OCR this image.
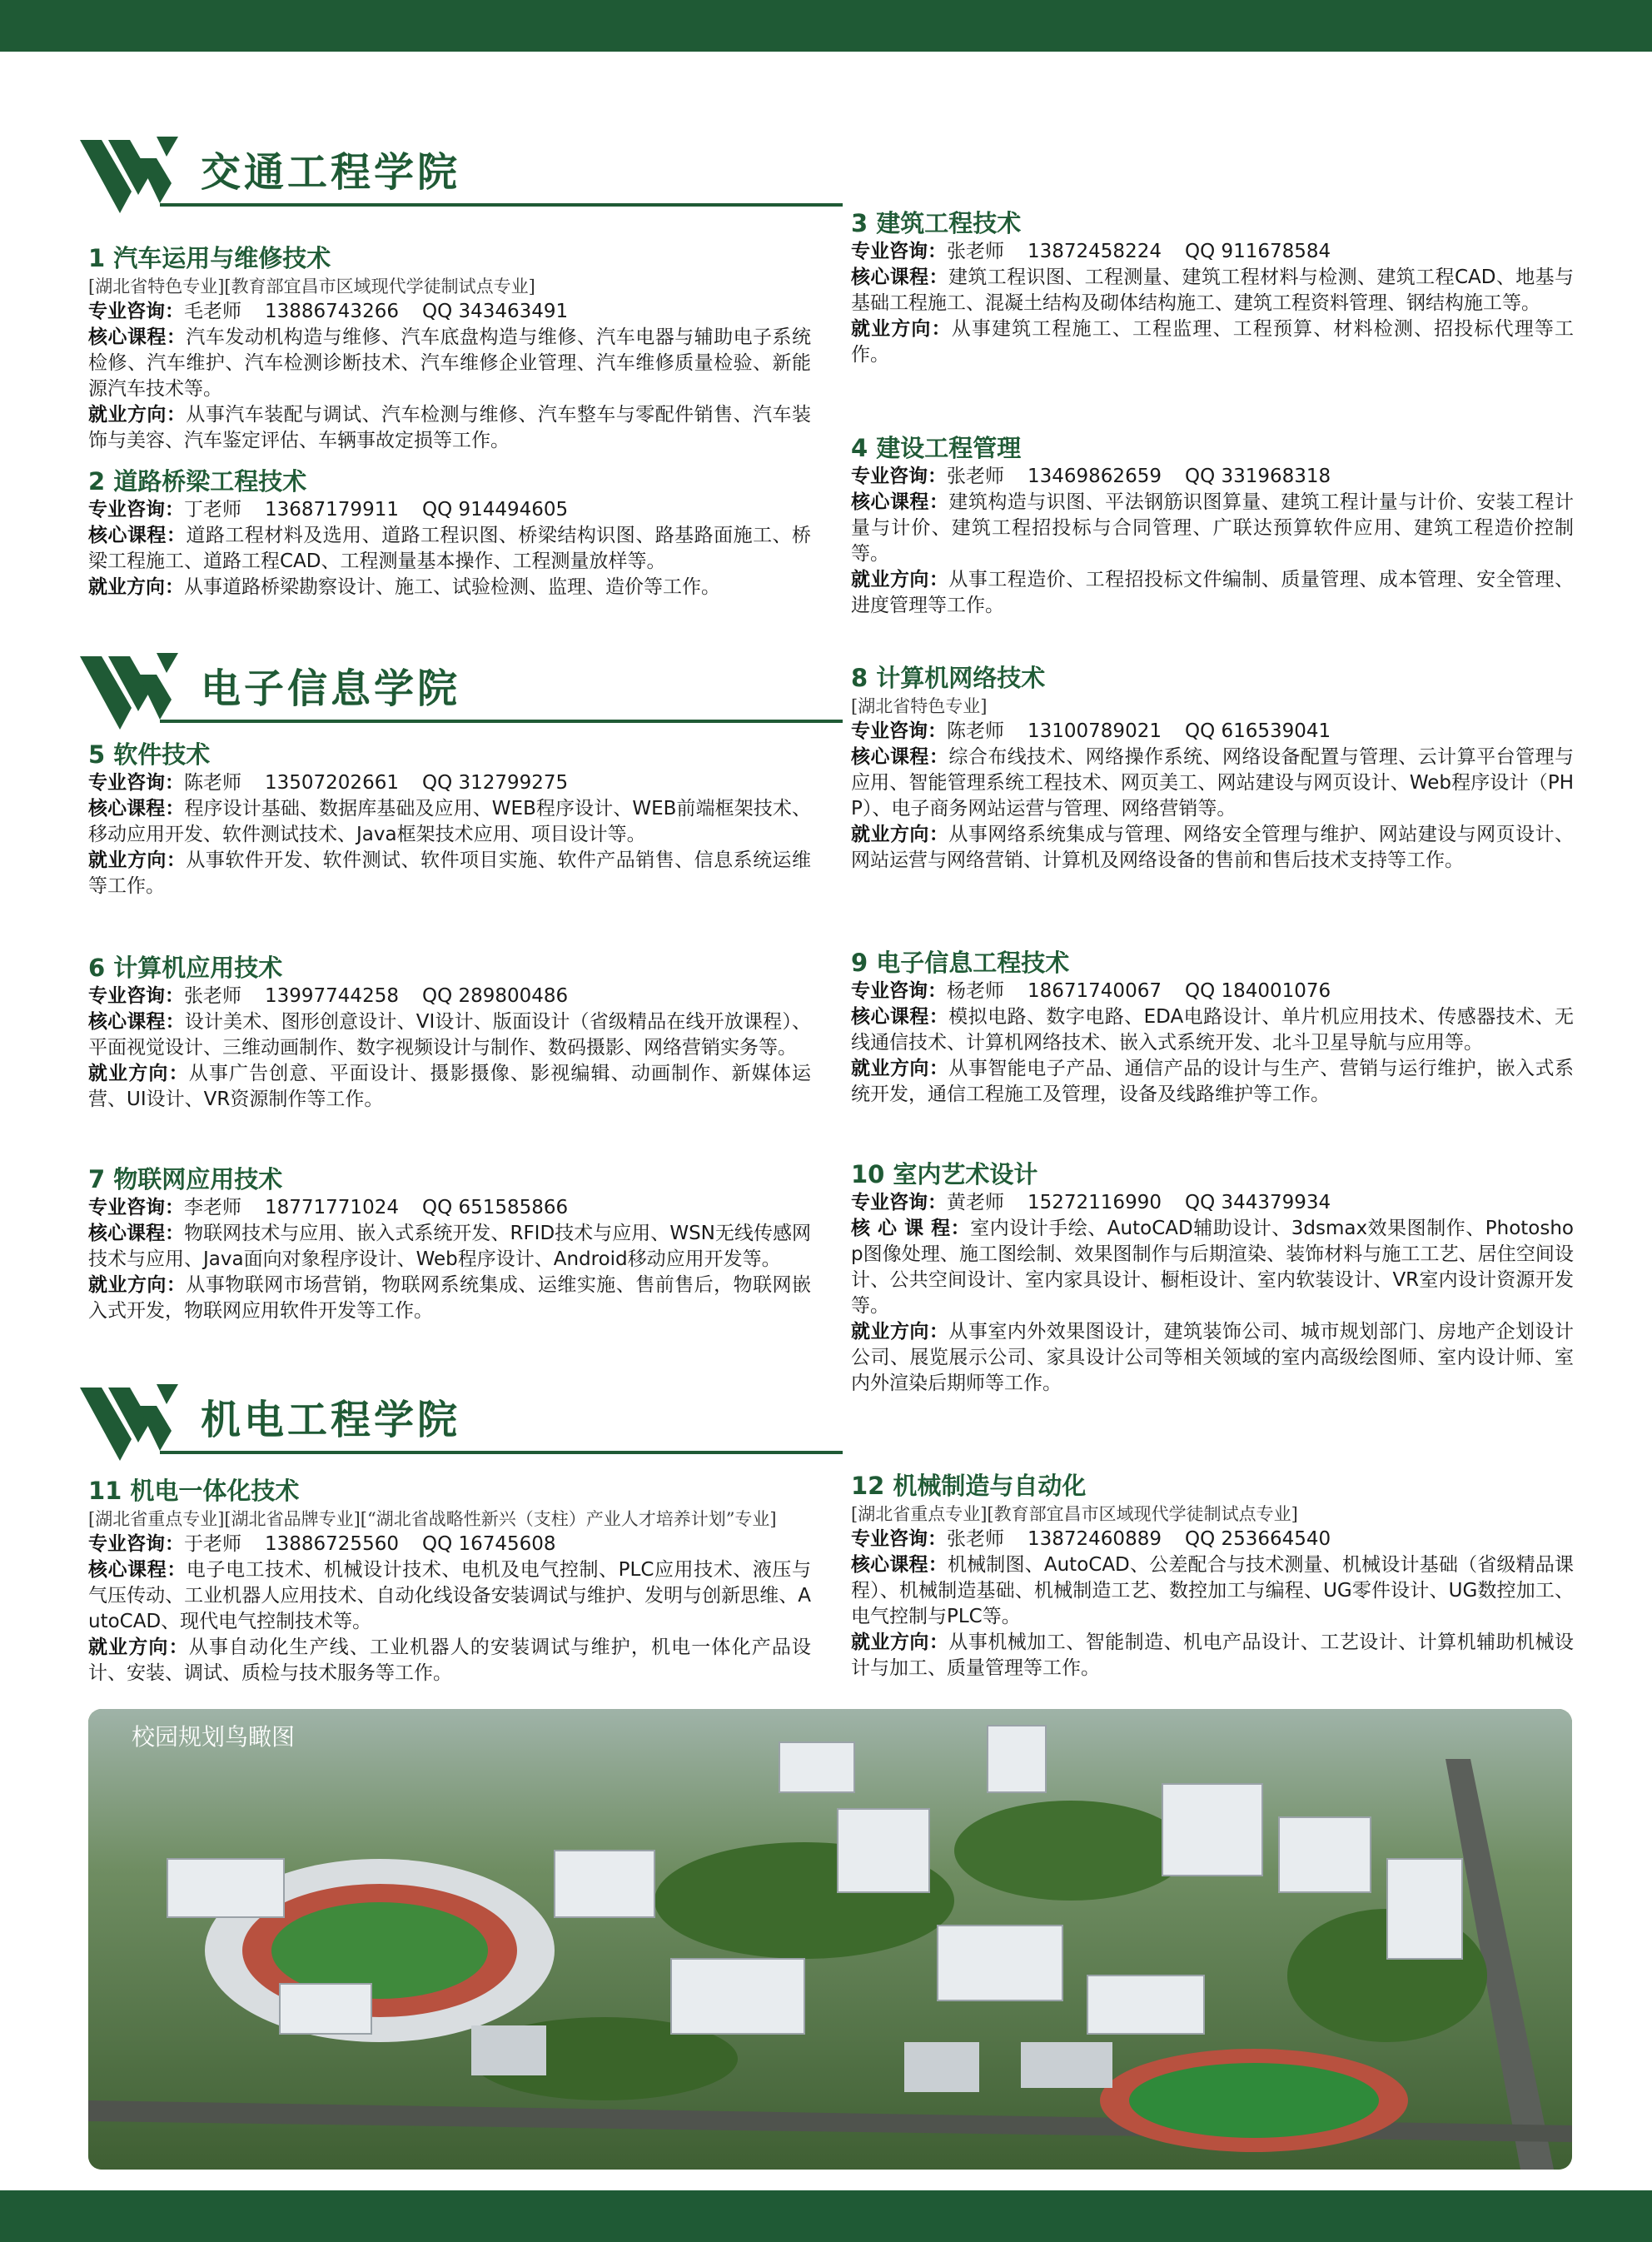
交通工程学院
电子信息学院
机电工程学院
1 汽车运用与维修技术
[湖北省特色专业][教育部宜昌市区域现代学徒制试点专业]
专业咨询：毛老师 13886743266 QQ 343463491
核心课程：汽车发动机构造与维修、汽车底盘构造与维修、汽车电器与辅助电子系统检修、汽车维护、汽车检测诊断技术、汽车维修企业管理、汽车维修质量检验、新能源汽车技术等。
就业方向：从事汽车装配与调试、汽车检测与维修、汽车整车与零配件销售、汽车装饰与美容、汽车鉴定评估、车辆事故定损等工作。
2 道路桥梁工程技术
专业咨询：丁老师 13687179911 QQ 914494605
核心课程：道路工程材料及选用、道路工程识图、桥梁结构识图、路基路面施工、桥梁工程施工、道路工程CAD、工程测量基本操作、工程测量放样等。
就业方向：从事道路桥梁勘察设计、施工、试验检测、监理、造价等工作。
5 软件技术
专业咨询：陈老师 13507202661 QQ 312799275
核心课程：程序设计基础、数据库基础及应用、WEB程序设计、WEB前端框架技术、移动应用开发、软件测试技术、Java框架技术应用、项目设计等。
就业方向：从事软件开发、软件测试、软件项目实施、软件产品销售、信息系统运维等工作。
6 计算机应用技术
专业咨询：张老师 13997744258 QQ 289800486
核心课程：设计美术、图形创意设计、VI设计、版面设计（省级精品在线开放课程）、平面视觉设计、三维动画制作、数字视频设计与制作、数码摄影、网络营销实务等。
就业方向：从事广告创意、平面设计、摄影摄像、影视编辑、动画制作、新媒体运营、UI设计、VR资源制作等工作。
7 物联网应用技术
专业咨询：李老师 18771771024 QQ 651585866
核心课程：物联网技术与应用、嵌入式系统开发、RFID技术与应用、WSN无线传感网技术与应用、Java面向对象程序设计、Web程序设计、Android移动应用开发等。
就业方向：从事物联网市场营销，物联网系统集成、运维实施、售前售后，物联网嵌入式开发，物联网应用软件开发等工作。
11 机电一体化技术
[湖北省重点专业][湖北省品牌专业][“湖北省战略性新兴（支柱）产业人才培养计划”专业]
专业咨询：于老师 13886725560 QQ 16745608
核心课程：电子电工技术、机械设计技术、电机及电气控制、PLC应用技术、液压与气压传动、工业机器人应用技术、自动化线设备安装调试与维护、发明与创新思维、AutoCAD、现代电气控制技术等。
就业方向：从事自动化生产线、工业机器人的安装调试与维护，机电一体化产品设计、安装、调试、质检与技术服务等工作。
3 建筑工程技术
专业咨询：张老师 13872458224 QQ 911678584
核心课程：建筑工程识图、工程测量、建筑工程材料与检测、建筑工程CAD、地基与基础工程施工、混凝土结构及砌体结构施工、建筑工程资料管理、钢结构施工等。
就业方向：从事建筑工程施工、工程监理、工程预算、材料检测、招投标代理等工作。
4 建设工程管理
专业咨询：张老师 13469862659 QQ 331968318
核心课程：建筑构造与识图、平法钢筋识图算量、建筑工程计量与计价、安装工程计量与计价、建筑工程招投标与合同管理、广联达预算软件应用、建筑工程造价控制等。
就业方向：从事工程造价、工程招投标文件编制、质量管理、成本管理、安全管理、进度管理等工作。
8 计算机网络技术
[湖北省特色专业]
专业咨询：陈老师 13100789021 QQ 616539041
核心课程：综合布线技术、网络操作系统、网络设备配置与管理、云计算平台管理与应用、智能管理系统工程技术、网页美工、网站建设与网页设计、Web程序设计（PHP）、电子商务网站运营与管理、网络营销等。
就业方向：从事网络系统集成与管理、网络安全管理与维护、网站建设与网页设计、网站运营与网络营销、计算机及网络设备的售前和售后技术支持等工作。
9 电子信息工程技术
专业咨询：杨老师 18671740067 QQ 184001076
核心课程：模拟电路、数字电路、EDA电路设计、单片机应用技术、传感器技术、无线通信技术、计算机网络技术、嵌入式系统开发、北斗卫星导航与应用等。
就业方向：从事智能电子产品、通信产品的设计与生产、营销与运行维护，嵌入式系统开发，通信工程施工及管理，设备及线路维护等工作。
10 室内艺术设计
专业咨询：黄老师 15272116990 QQ 344379934
核 心 课 程：室内设计手绘、AutoCAD辅助设计、3dsmax效果图制作、Photoshop图像处理、施工图绘制、效果图制作与后期渲染、装饰材料与施工工艺、居住空间设计、公共空间设计、室内家具设计、橱柜设计、室内软装设计、VR室内设计资源开发等。
就业方向：从事室内外效果图设计，建筑装饰公司、城市规划部门、房地产企划设计公司、展览展示公司、家具设计公司等相关领域的室内高级绘图师、室内设计师、室内外渲染后期师等工作。
12 机械制造与自动化
[湖北省重点专业][教育部宜昌市区域现代学徒制试点专业]
专业咨询：张老师 13872460889 QQ 253664540
核心课程：机械制图、AutoCAD、公差配合与技术测量、机械设计基础（省级精品课程）、机械制造基础、机械制造工艺、数控加工与编程、UG零件设计、UG数控加工、电气控制与PLC等。
就业方向：从事机械加工、智能制造、机电产品设计、工艺设计、计算机辅助机械设计与加工、质量管理等工作。
校园规划鸟瞰图
